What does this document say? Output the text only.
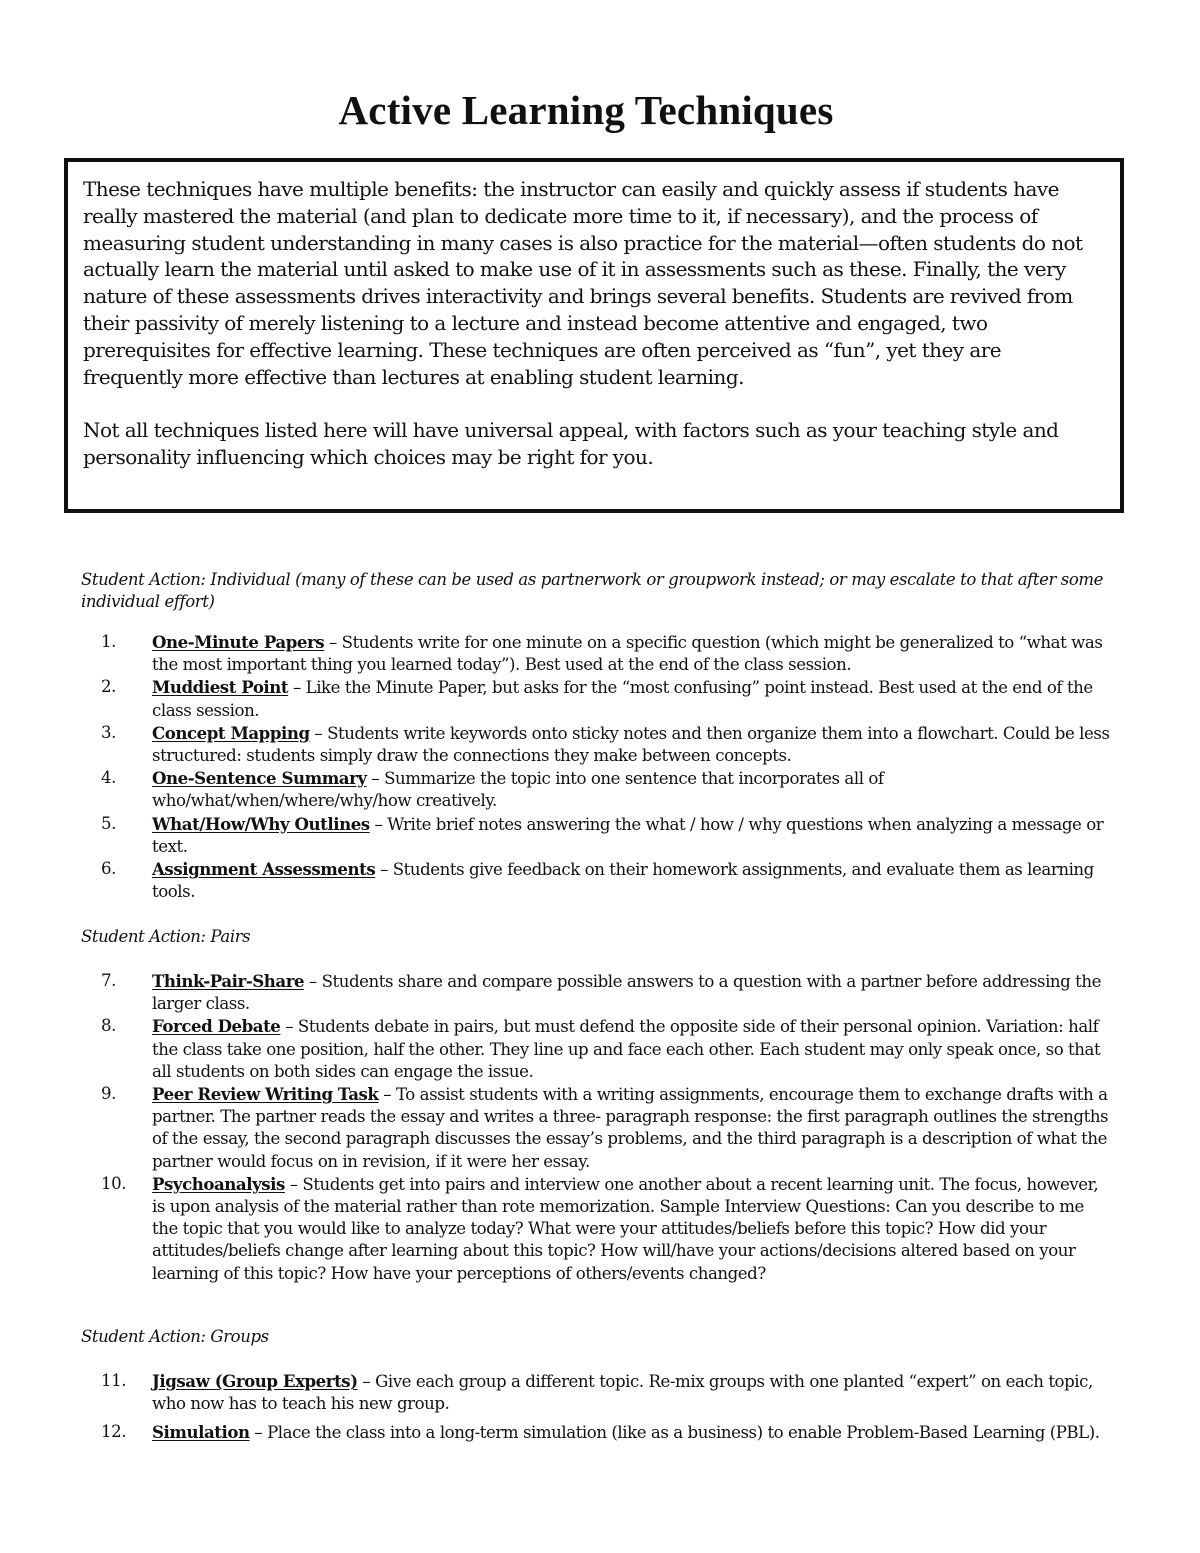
Active Learning Techniques

These techniques have multiple benefits: the instructor can easily and quickly assess if students have really mastered the material (and plan to dedicate more time to it, if necessary), and the process of measuring student understanding in many cases is also practice for the material—often students do not actually learn the material until asked to make use of it in assessments such as these. Finally, the very nature of these assessments drives interactivity and brings several benefits. Students are revived from their passivity of merely listening to a lecture and instead become attentive and engaged, two prerequisites for effective learning. These techniques are often perceived as “fun”, yet they are frequently more effective than lectures at enabling student learning.

Not all techniques listed here will have universal appeal, with factors such as your teaching style and personality influencing which choices may be right for you.

Student Action: Individual (many of these can be used as partnerwork or groupwork instead; or may escalate to that after some individual effort)

1.	One-Minute Papers – Students write for one minute on a specific question (which might be generalized to “what was the most important thing you learned today”). Best used at the end of the class session.
2.	Muddiest Point – Like the Minute Paper, but asks for the “most confusing” point instead. Best used at the end of the class session.
3.	Concept Mapping – Students write keywords onto sticky notes and then organize them into a flowchart. Could be less structured: students simply draw the connections they make between concepts.
4.	One-Sentence Summary – Summarize the topic into one sentence that incorporates all of who/what/when/where/why/how creatively.
5.	What/How/Why Outlines – Write brief notes answering the what / how / why questions when analyzing a message or text.
6.	Assignment Assessments – Students give feedback on their homework assignments, and evaluate them as learning tools.

Student Action: Pairs

7.	Think-Pair-Share – Students share and compare possible answers to a question with a partner before addressing the larger class.
8.	Forced Debate – Students debate in pairs, but must defend the opposite side of their personal opinion. Variation: half the class take one position, half the other. They line up and face each other. Each student may only speak once, so that all students on both sides can engage the issue.
9.	Peer Review Writing Task – To assist students with a writing assignments, encourage them to exchange drafts with a partner. The partner reads the essay and writes a three- paragraph response: the first paragraph outlines the strengths of the essay, the second paragraph discusses the essay’s problems, and the third paragraph is a description of what the partner would focus on in revision, if it were her essay.
10.	Psychoanalysis – Students get into pairs and interview one another about a recent learning unit. The focus, however, is upon analysis of the material rather than rote memorization. Sample Interview Questions: Can you describe to me the topic that you would like to analyze today? What were your attitudes/beliefs before this topic? How did your attitudes/beliefs change after learning about this topic? How will/have your actions/decisions altered based on your learning of this topic? How have your perceptions of others/events changed?

Student Action: Groups

11.	Jigsaw (Group Experts) – Give each group a different topic. Re-mix groups with one planted “expert” on each topic, who now has to teach his new group.
12.	Simulation – Place the class into a long-term simulation (like as a business) to enable Problem-Based Learning (PBL).
